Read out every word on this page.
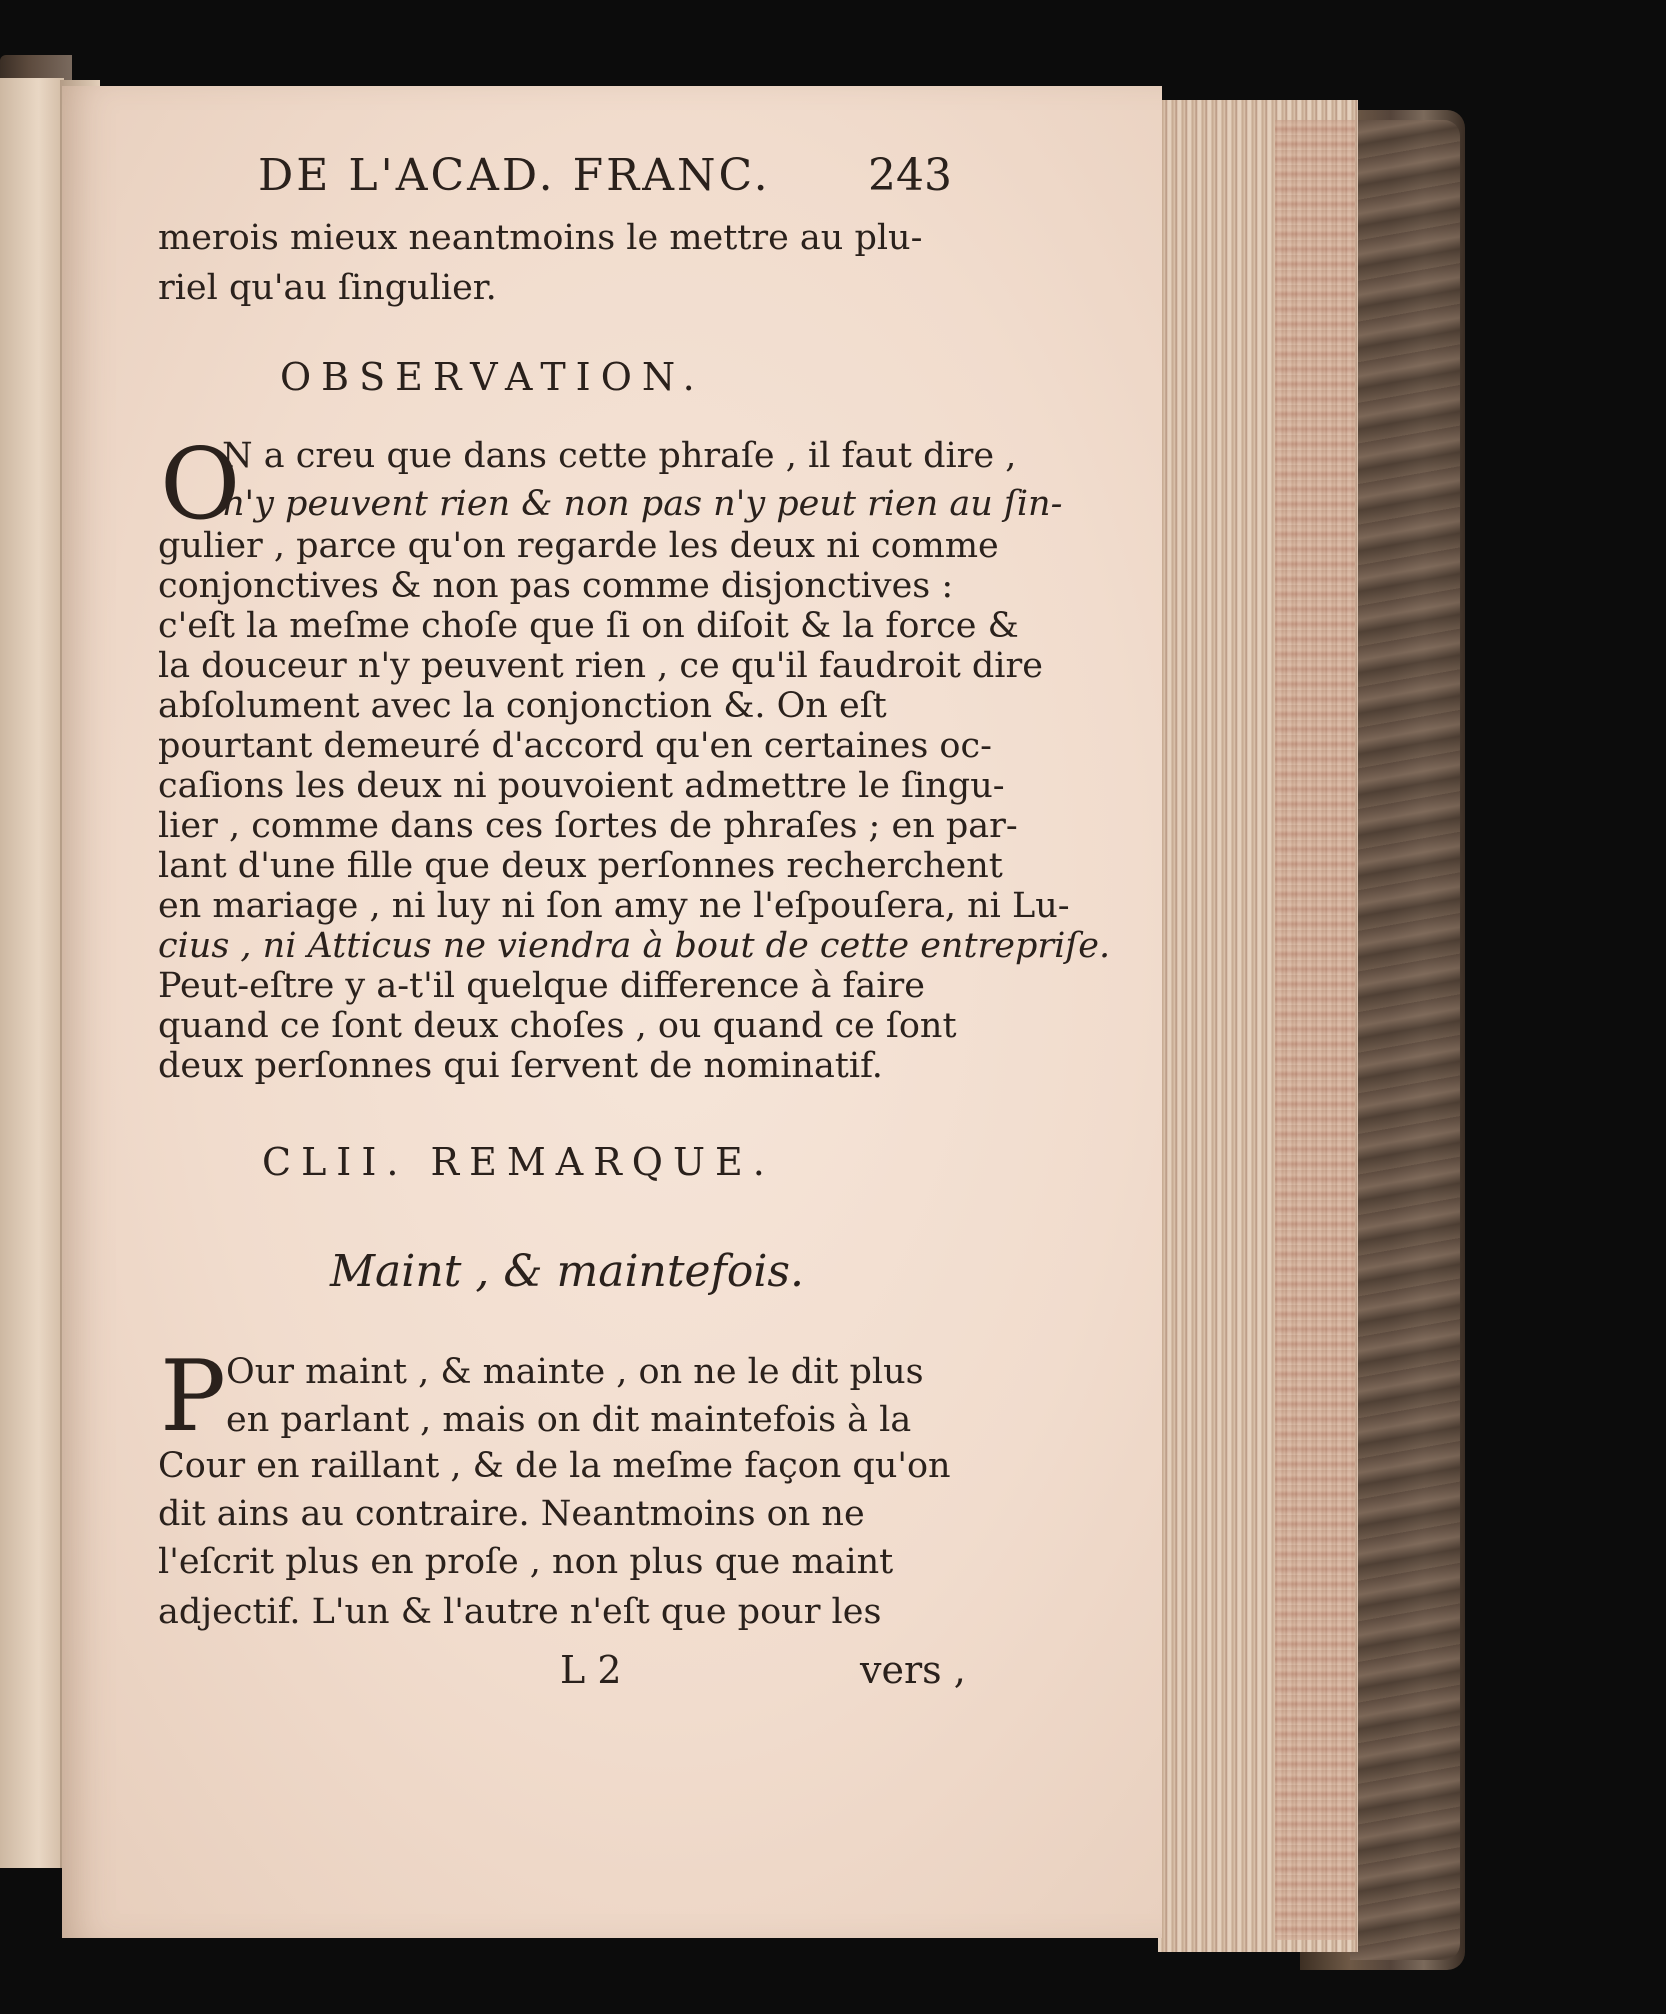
DE L'ACAD. FRANC. 243
merois mieux neantmoins le mettre au plu-
riel qu'au ſingulier.
OBSERVATION.
O
N a creu que dans cette phraſe , il faut dire ,
n'y peuvent rien & non pas n'y peut rien au ſin-
gulier , parce qu'on regarde les deux ni comme
conjonctives & non pas comme disjonctives :
c'eſt la meſme choſe que ſi on diſoit & la force &
la douceur n'y peuvent rien , ce qu'il faudroit dire
abſolument avec la conjonction &. On eſt
pourtant demeuré d'accord qu'en certaines oc-
caſions les deux ni pouvoient admettre le ſingu-
lier , comme dans ces ſortes de phraſes ; en par-
lant d'une fille que deux perſonnes recherchent
en mariage , ni luy ni ſon amy ne l'eſpouſera, ni Lu-
cius , ni Atticus ne viendra à bout de cette entrepriſe.
Peut-eſtre y a-t'il quelque difference à faire
quand ce ſont deux choſes , ou quand ce ſont
deux perſonnes qui ſervent de nominatif.
CLII. REMARQUE.
Maint , & maintefois.
P Our maint , & mainte , on ne le dit plus
en parlant , mais on dit maintefois à la
Cour en raillant , & de la meſme façon qu'on
dit ains au contraire. Neantmoins on ne
l'eſcrit plus en proſe , non plus que maint
adjectif. L'un & l'autre n'eſt que pour les
L 2	vers ,
